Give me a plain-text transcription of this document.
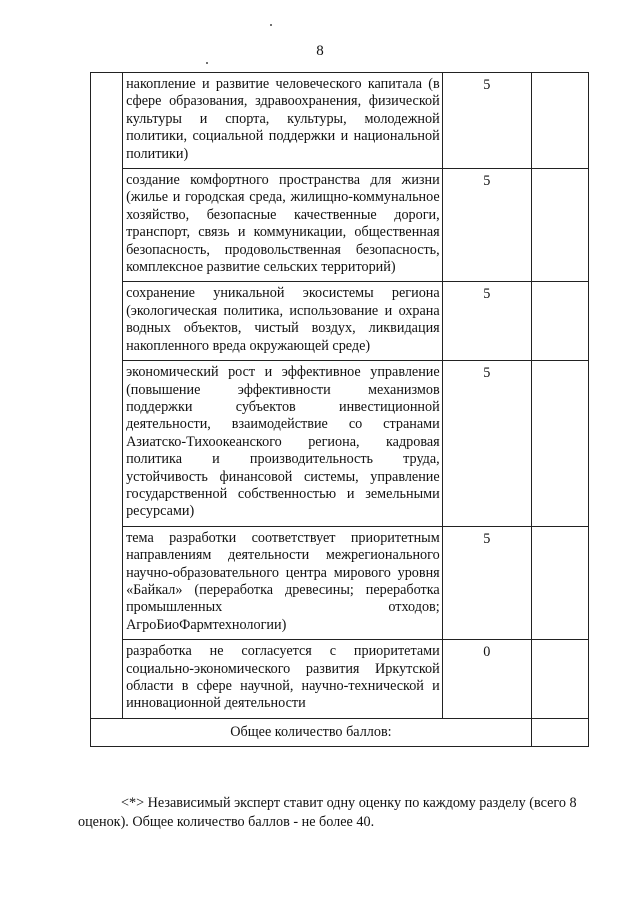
8

	накопление и развитие человеческого капитала (в сфере образования, здравоохранения, физической культуры и спорта, культуры, молодежной политики, социальной поддержки и национальной политики)	5	

	создание комфортного пространства для жизни (жилье и городская среда, жилищно-коммунальное хозяйство, безопасные качественные дороги, транспорт, связь и коммуникации, общественная безопасность, продовольственная безопасность, комплексное развитие сельских территорий)	5	

	сохранение уникальной экосистемы региона (экологическая политика, использование и охрана водных объектов, чистый воздух, ликвидация накопленного вреда окружающей среде)	5	

	экономический рост и эффективное управление (повышение эффективности механизмов поддержки субъектов инвестиционной деятельности, взаимодействие со странами Азиатско-Тихоокеанского региона, кадровая политика и производительность труда, устойчивость финансовой системы, управление государственной собственностью и земельными ресурсами)	5	

	тема разработки соответствует приоритетным направлениям деятельности межрегионального научно-образовательного центра мирового уровня «Байкал» (переработка древесины; переработка промышленных отходов; АгроБиоФармтехнологии)	5	

	разработка не согласуется с приоритетами социально-экономического развития Иркутской области в сфере научной, научно-технической и инновационной деятельности	0	

Общее количество баллов:			

<*> Независимый эксперт ставит одну оценку по каждому разделу (всего 8 оценок). Общее количество баллов - не более 40.
